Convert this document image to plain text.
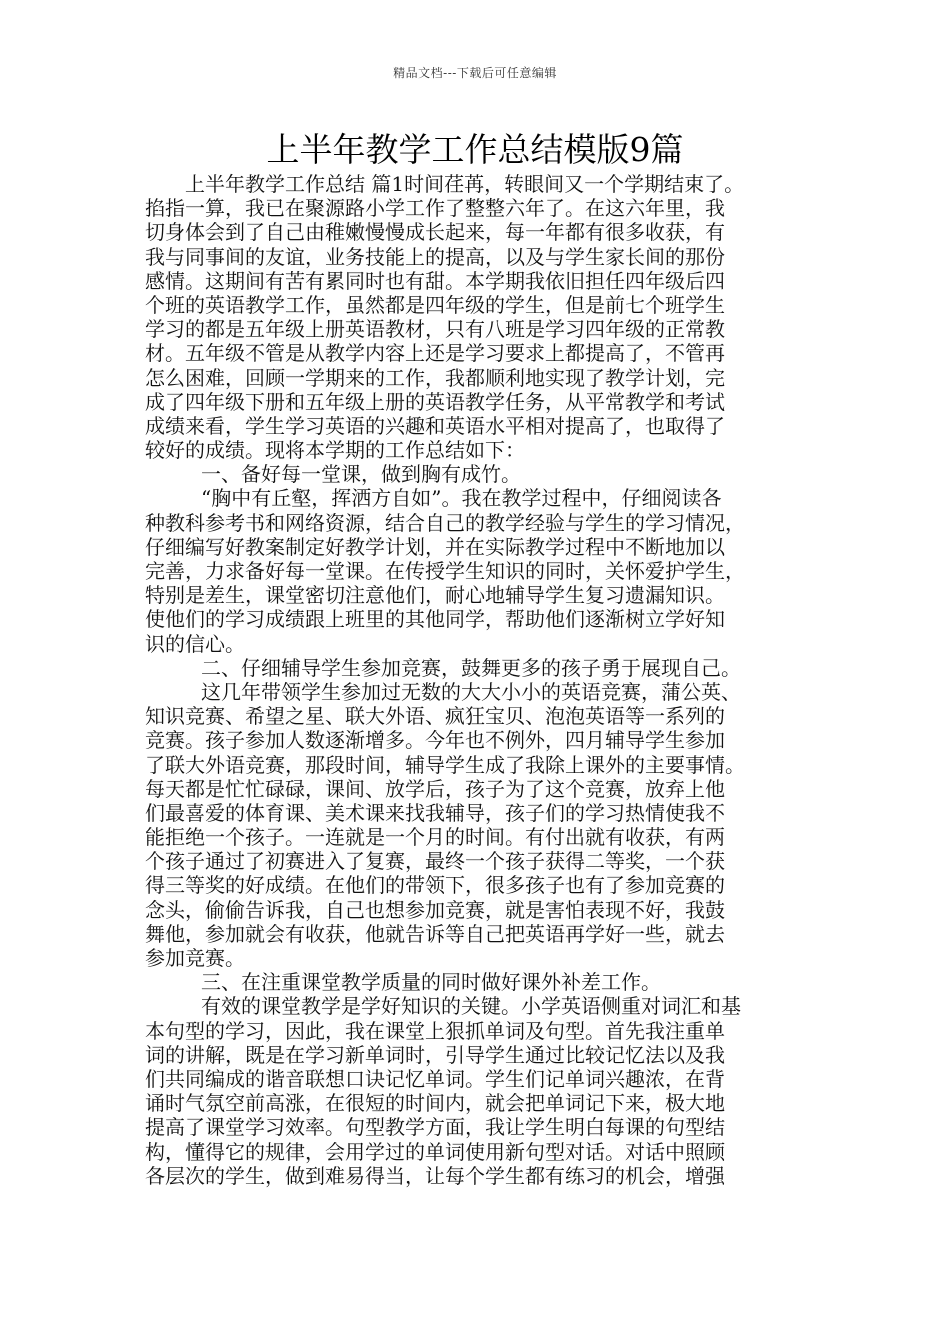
精品文档---下载后可任意编辑
上半年教学工作总结模版9篇
上半年教学工作总结 篇1时间荏苒，转眼间又一个学期结束了。
掐指一算，我已在聚源路小学工作了整整六年了。在这六年里，我
切身体会到了自己由稚嫩慢慢成长起来，每一年都有很多收获，有
我与同事间的友谊，业务技能上的提高，以及与学生家长间的那份
感情。这期间有苦有累同时也有甜。本学期我依旧担任四年级后四
个班的英语教学工作，虽然都是四年级的学生，但是前七个班学生
学习的都是五年级上册英语教材，只有八班是学习四年级的正常教
材。五年级不管是从教学内容上还是学习要求上都提高了，不管再
怎么困难，回顾一学期来的工作，我都顺利地实现了教学计划，完
成了四年级下册和五年级上册的英语教学任务，从平常教学和考试
成绩来看，学生学习英语的兴趣和英语水平相对提高了，也取得了
较好的成绩。现将本学期的工作总结如下：
一、备好每一堂课，做到胸有成竹。
“胸中有丘壑，挥洒方自如”。我在教学过程中，仔细阅读各
种教科参考书和网络资源，结合自己的教学经验与学生的学习情况，
仔细编写好教案制定好教学计划，并在实际教学过程中不断地加以
完善，力求备好每一堂课。在传授学生知识的同时，关怀爱护学生，
特别是差生，课堂密切注意他们，耐心地辅导学生复习遗漏知识。
使他们的学习成绩跟上班里的其他同学，帮助他们逐渐树立学好知
识的信心。
二、仔细辅导学生参加竞赛，鼓舞更多的孩子勇于展现自己。
这几年带领学生参加过无数的大大小小的英语竞赛，蒲公英、
知识竞赛、希望之星、联大外语、疯狂宝贝、泡泡英语等一系列的
竞赛。孩子参加人数逐渐增多。今年也不例外，四月辅导学生参加
了联大外语竞赛，那段时间，辅导学生成了我除上课外的主要事情。
每天都是忙忙碌碌，课间、放学后，孩子为了这个竞赛，放弃上他
们最喜爱的体育课、美术课来找我辅导，孩子们的学习热情使我不
能拒绝一个孩子。一连就是一个月的时间。有付出就有收获，有两
个孩子通过了初赛进入了复赛，最终一个孩子获得二等奖，一个获
得三等奖的好成绩。在他们的带领下，很多孩子也有了参加竞赛的
念头，偷偷告诉我，自己也想参加竞赛，就是害怕表现不好，我鼓
舞他，参加就会有收获，他就告诉等自己把英语再学好一些，就去
参加竞赛。
三、在注重课堂教学质量的同时做好课外补差工作。
有效的课堂教学是学好知识的关键。小学英语侧重对词汇和基
本句型的学习，因此，我在课堂上狠抓单词及句型。首先我注重单
词的讲解，既是在学习新单词时，引导学生通过比较记忆法以及我
们共同编成的谐音联想口诀记忆单词。学生们记单词兴趣浓，在背
诵时气氛空前高涨，在很短的时间内，就会把单词记下来，极大地
提高了课堂学习效率。句型教学方面，我让学生明白每课的句型结
构，懂得它的规律，会用学过的单词使用新句型对话。对话中照顾
各层次的学生，做到难易得当，让每个学生都有练习的机会，增强
